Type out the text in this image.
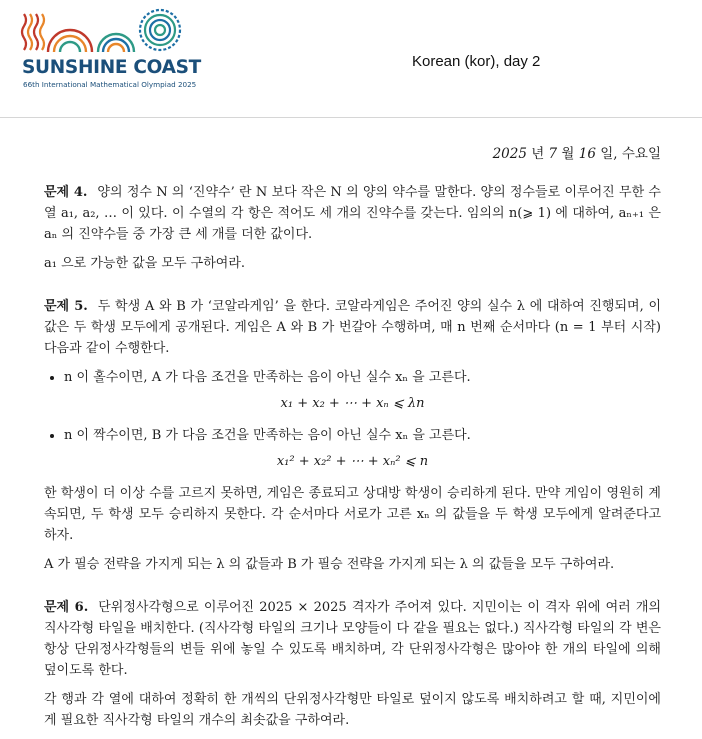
SUNSHINE COAST
66th International Mathematical Olympiad 2025
Korean (kor), day 2
2025 년 7 월 16 일, 수요일

문제 4. 양의 정수 N 의 ‘진약수’ 란 N 보다 작은 N 의 양의 약수를 말한다. 양의 정수들로 이루어진 무한 수열 a₁, a₂, … 이 있다. 이 수열의 각 항은 적어도 세 개의 진약수를 갖는다. 임의의 n(⩾ 1) 에 대하여, aₙ₊₁ 은 aₙ 의 진약수들 중 가장 큰 세 개를 더한 값이다.

a₁ 으로 가능한 값을 모두 구하여라.

문제 5. 두 학생 A 와 B 가 ‘코알라게임’ 을 한다. 코알라게임은 주어진 양의 실수 λ 에 대하여 진행되며, 이 값은 두 학생 모두에게 공개된다. 게임은 A 와 B 가 번갈아 수행하며, 매 n 번째 순서마다 (n = 1 부터 시작) 다음과 같이 수행한다.

• n 이 홀수이면, A 가 다음 조건을 만족하는 음이 아닌 실수 xₙ 을 고른다.
x₁ + x₂ + ⋯ + xₙ ⩽ λn
• n 이 짝수이면, B 가 다음 조건을 만족하는 음이 아닌 실수 xₙ 을 고른다.
x₁² + x₂² + ⋯ + xₙ² ⩽ n

한 학생이 더 이상 수를 고르지 못하면, 게임은 종료되고 상대방 학생이 승리하게 된다. 만약 게임이 영원히 계속되면, 두 학생 모두 승리하지 못한다. 각 순서마다 서로가 고른 xₙ 의 값들을 두 학생 모두에게 알려준다고 하자.

A 가 필승 전략을 가지게 되는 λ 의 값들과 B 가 필승 전략을 가지게 되는 λ 의 값들을 모두 구하여라.

문제 6. 단위정사각형으로 이루어진 2025 × 2025 격자가 주어져 있다. 지민이는 이 격자 위에 여러 개의 직사각형 타일을 배치한다. (직사각형 타일의 크기나 모양들이 다 같을 필요는 없다.) 직사각형 타일의 각 변은 항상 단위정사각형들의 변들 위에 놓일 수 있도록 배치하며, 각 단위정사각형은 많아야 한 개의 타일에 의해 덮이도록 한다.

각 행과 각 열에 대하여 정확히 한 개씩의 단위정사각형만 타일로 덮이지 않도록 배치하려고 할 때, 지민이에게 필요한 직사각형 타일의 개수의 최솟값을 구하여라.
